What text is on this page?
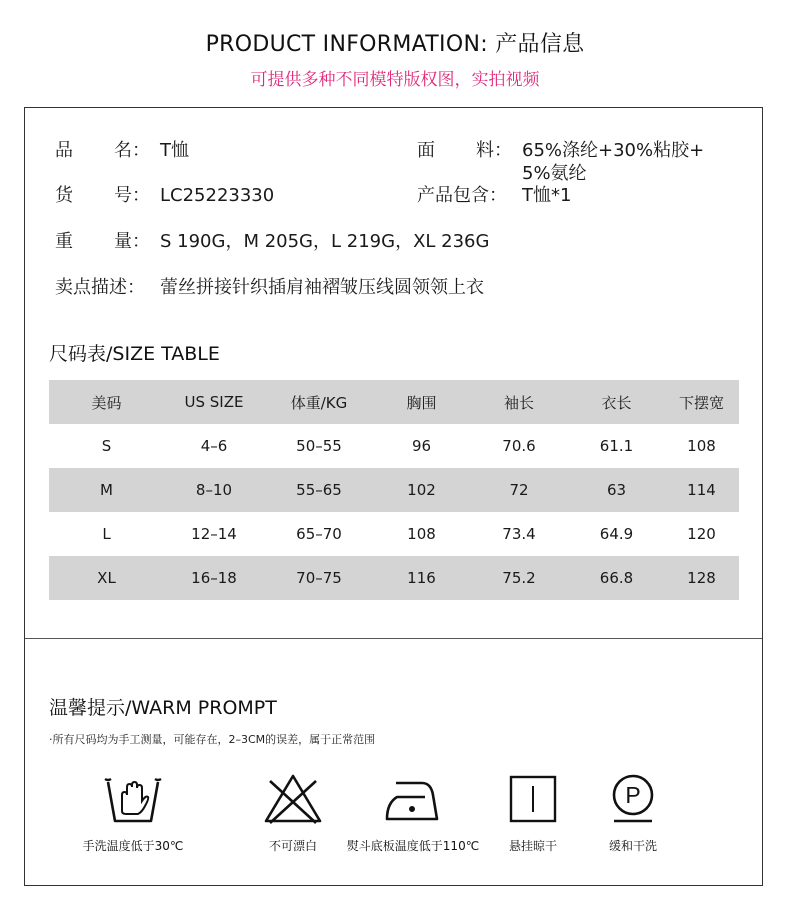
PRODUCT INFORMATION: 产品信息
可提供多种不同模特版权图，实拍视频
品 名： T恤	面 料： 65%涤纶+30%粘胶+
5%氨纶
货 号： LC25223330	产品包含： T恤*1
重 量： S 190G，M 205G，L 219G，XL 236G
卖点描述： 蕾丝拼接针织插肩袖褶皱压线圆领领上衣
尺码表/SIZE TABLE
美码	US SIZE	体重/KG	胸围	袖长	衣长	下摆宽
S	4–6	50–55	96	70.6	61.1	108
M	8–10	55–65	102	72	63	114
L	12–14	65–70	108	73.4	64.9	120
XL	16–18	70–75	116	75.2	66.8	128
温馨提示/WARM PROMPT
·所有尺码均为手工测量，可能存在，2–3CM的误差，属于正常范围
手洗温度低于30℃	不可漂白	熨斗底板温度低于110℃	悬挂晾干
P
缓和干洗
